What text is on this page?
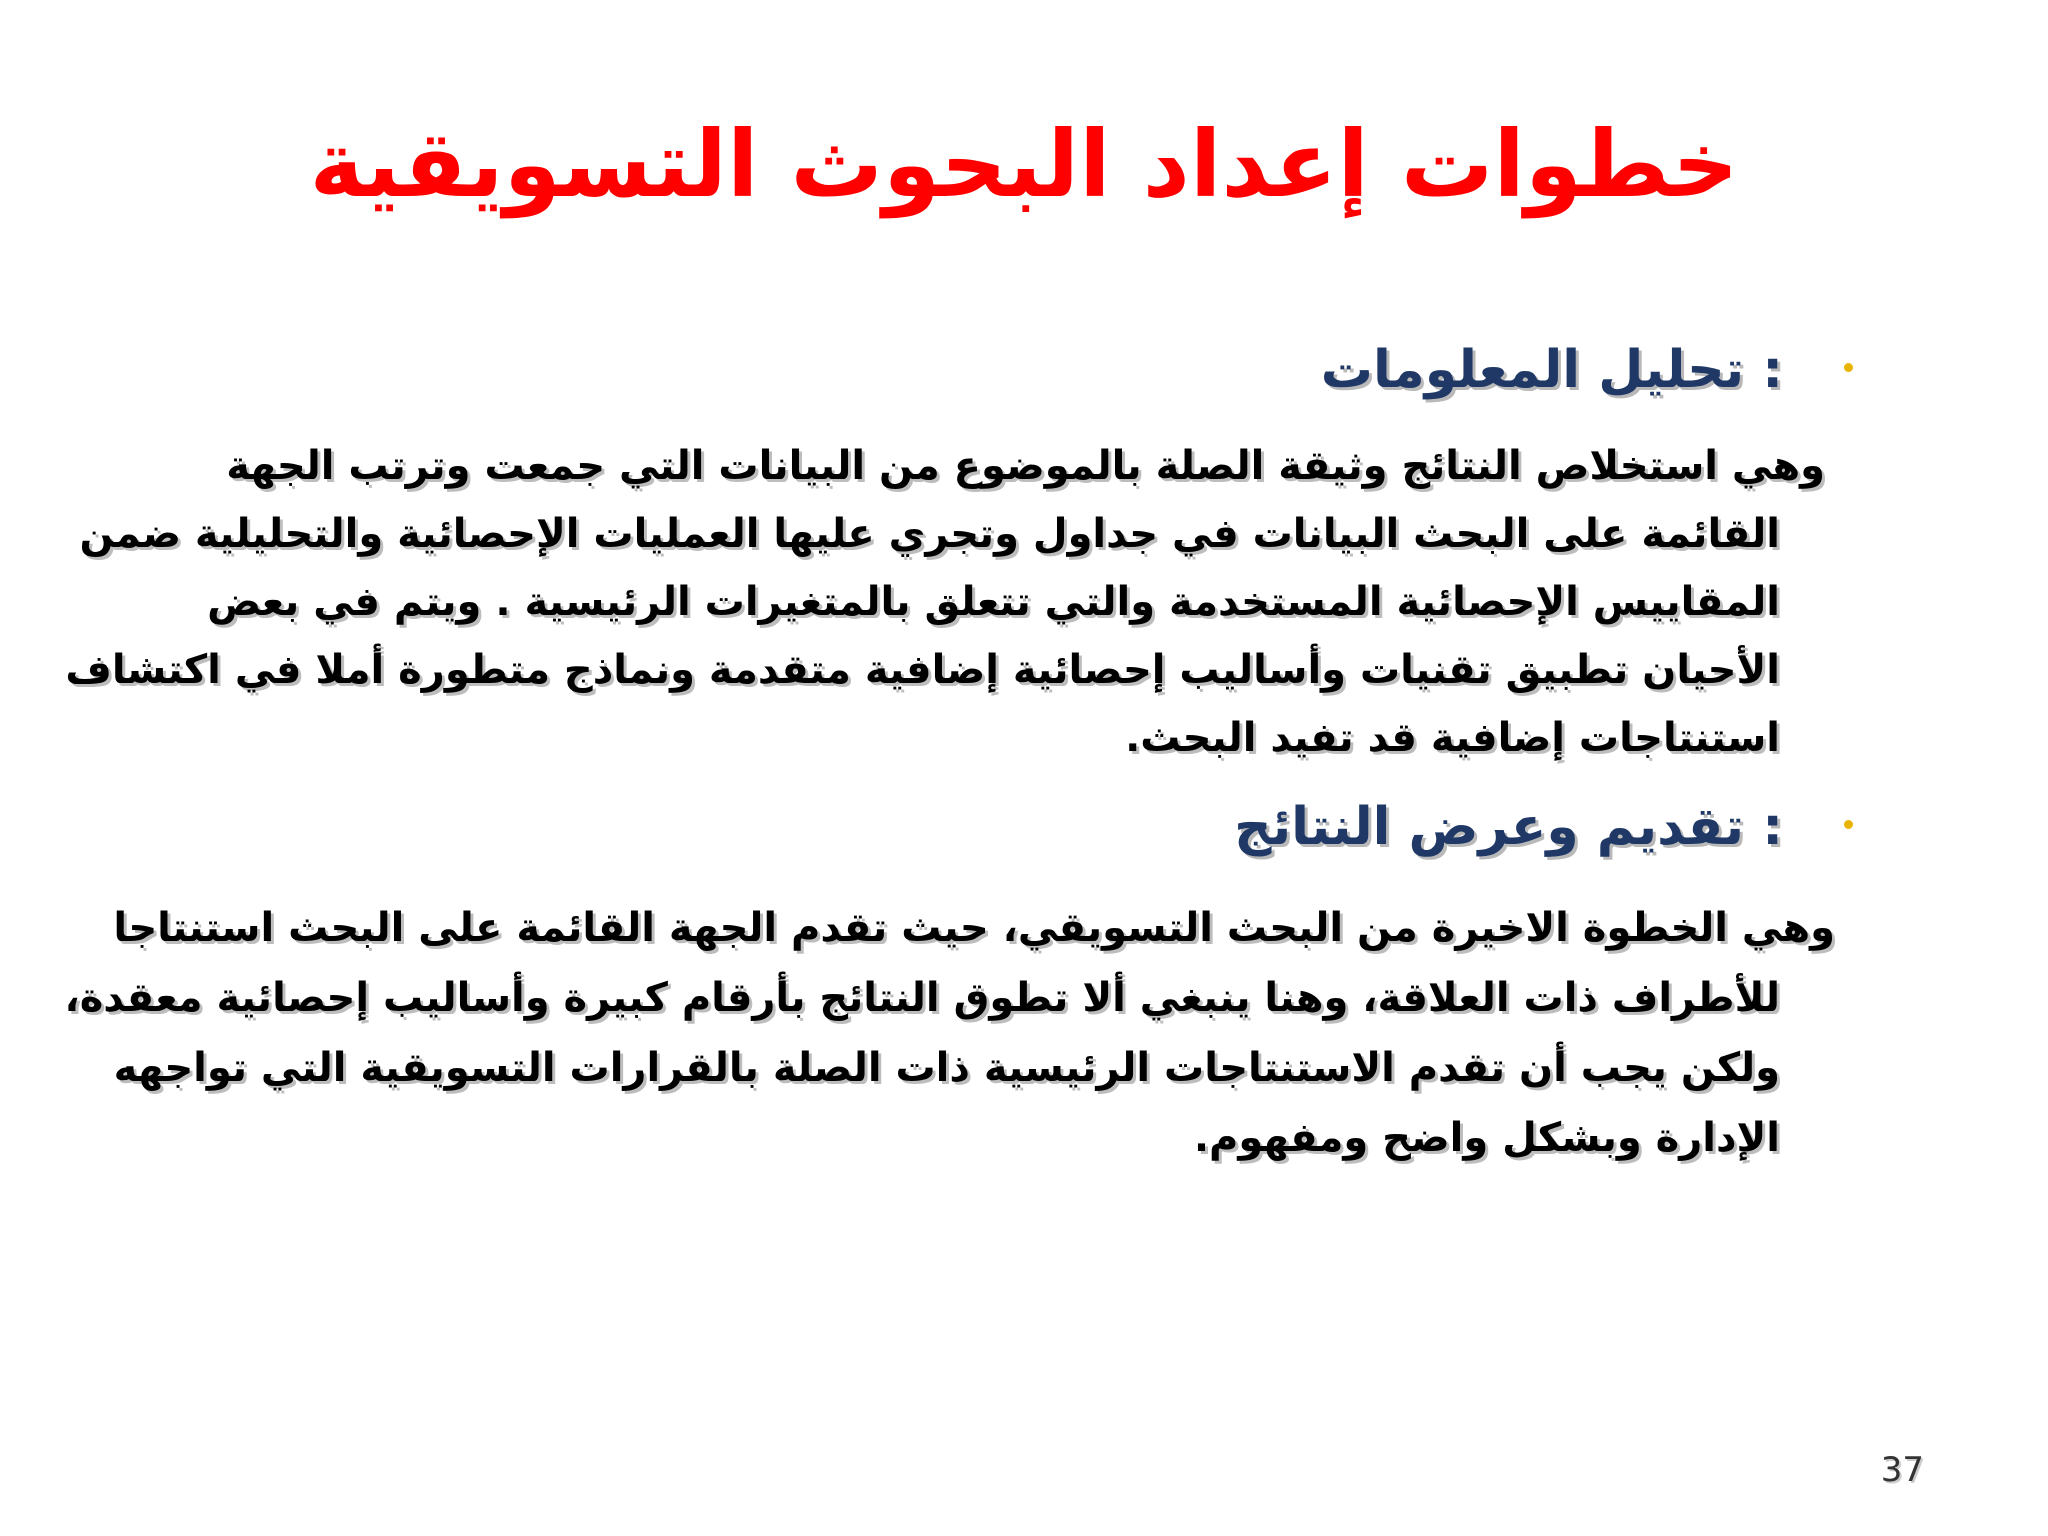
خطوات إعداد البحوث التسويقية
تحليل المعلومات :
وهي استخلاص النتائج وثيقة الصلة بالموضوع من البيانات التي جمعت وترتب الجهة
القائمة على البحث البيانات في جداول وتجري عليها العمليات الإحصائية والتحليلية ضمن
المقاييس الإحصائية المستخدمة والتي تتعلق بالمتغيرات الرئيسية . ويتم في بعض
الأحيان تطبيق تقنيات وأساليب إحصائية إضافية متقدمة ونماذج متطورة أملا في اكتشاف
استنتاجات إضافية قد تفيد البحث.
تقديم وعرض النتائج :
وهي الخطوة الاخيرة من البحث التسويقي، حيث تقدم الجهة القائمة على البحث استنتاجا
للأطراف ذات العلاقة، وهنا ينبغي ألا تطوق النتائج بأرقام كبيرة وأساليب إحصائية معقدة،
ولكن يجب أن تقدم الاستنتاجات الرئيسية ذات الصلة بالقرارات التسويقية التي تواجهه
الإدارة وبشكل واضح ومفهوم.
37
